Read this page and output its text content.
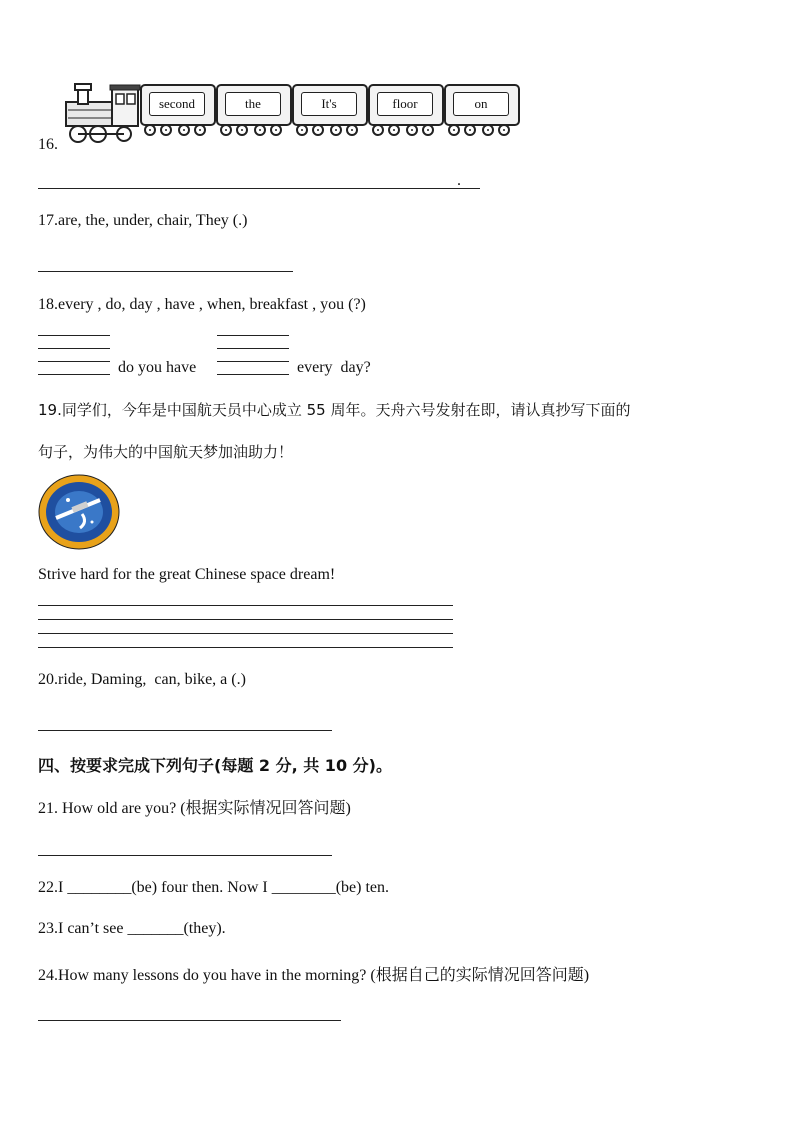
second	the	It's	floor	on
16.
.
17.are, the, under, chair, They (.)
18.every , do, day , have , when, breakfast , you (?)
do you have	every  day?
19.同学们，今年是中国航天员中心成立 55 周年。天舟六号发射在即，请认真抄写下面的
句子，为伟大的中国航天梦加油助力！
Strive hard for the great Chinese space dream!
20.ride, Daming,  can, bike, a (.)
四、按要求完成下列句子(每题 2 分, 共 10 分)。
21. How old are you? (根据实际情况回答问题)
22.I ________(be) four then. Now I ________(be) ten.
23.I can’t see _______(they).
24.How many lessons do you have in the morning? (根据自己的实际情况回答问题)
